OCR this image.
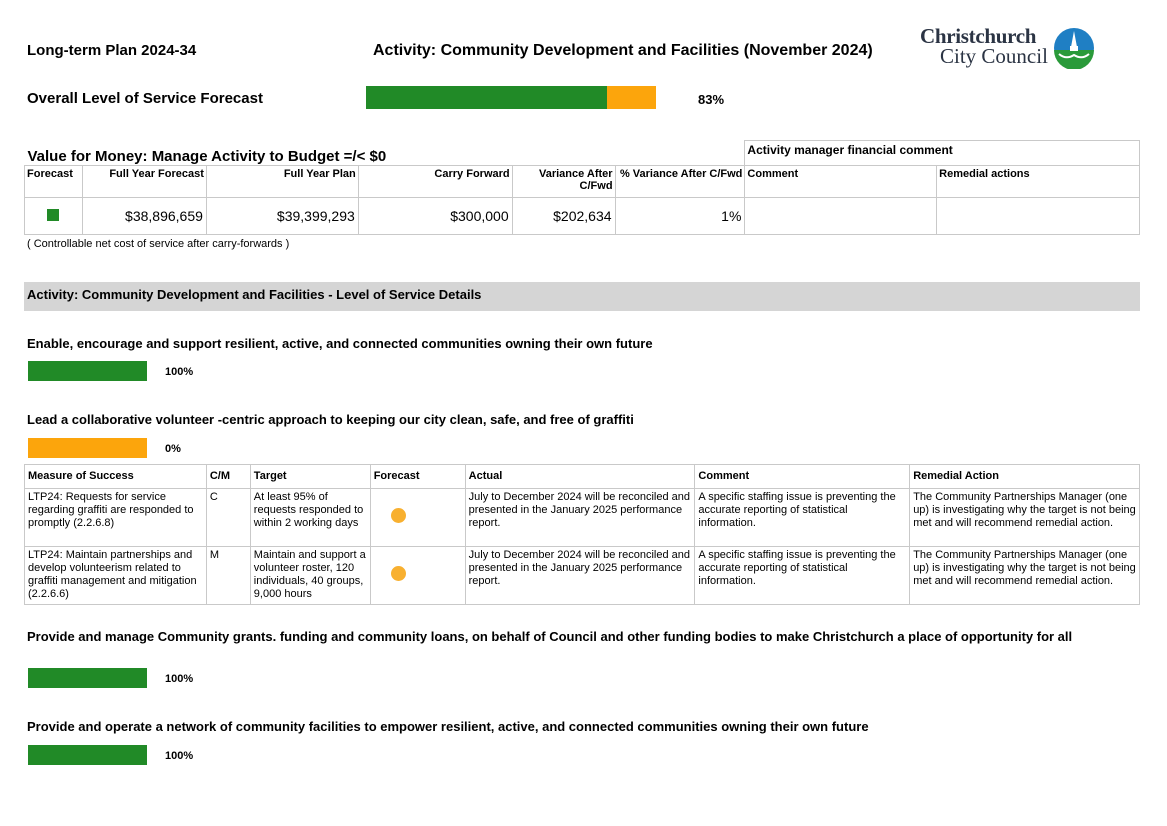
Long-term Plan 2024-34	Activity: Community Development and Facilities (November 2024)
Christchurch
City Council
Overall Level of Service Forecast	83%
Value for Money: Manage Activity to Budget =/< $0						Activity manager financial comment	
Forecast	Full Year Forecast	Full Year Plan	Carry Forward	Variance After C/Fwd	% Variance After C/Fwd	Comment	Remedial actions
	$38,896,659	$39,399,293	$300,000	$202,634	1%		
( Controllable net cost of service after carry-forwards )
Activity: Community Development and Facilities - Level of Service Details
Enable, encourage and support resilient, active, and connected communities owning their own future
100%
Lead a collaborative volunteer -centric approach to keeping our city clean, safe, and free of graffiti
0%
Measure of Success	C/M	Target	Forecast	Actual	Comment	Remedial Action
LTP24: Requests for service regarding graffiti are responded to promptly (2.2.6.8)	C	At least 95% of requests responded to within 2 working days		July to December 2024 will be reconciled and presented in the January 2025 performance report.	A specific staffing issue is preventing the accurate reporting of statistical information.	The Community Partnerships Manager (one up) is investigating why the target is not being met and will recommend remedial action.
LTP24: Maintain partnerships and develop volunteerism related to graffiti management and mitigation (2.2.6.6)	M	Maintain and support a volunteer roster, 120 individuals, 40 groups, 9,000 hours		July to December 2024 will be reconciled and presented in the January 2025 performance report.	A specific staffing issue is preventing the accurate reporting of statistical information.	The Community Partnerships Manager (one up) is investigating why the target is not being met and will recommend remedial action.
Provide and manage Community grants. funding and community loans, on behalf of Council and other funding bodies to make Christchurch a place of opportunity for all
100%
Provide and operate a network of community facilities to empower resilient, active, and connected communities owning their own future
100%
